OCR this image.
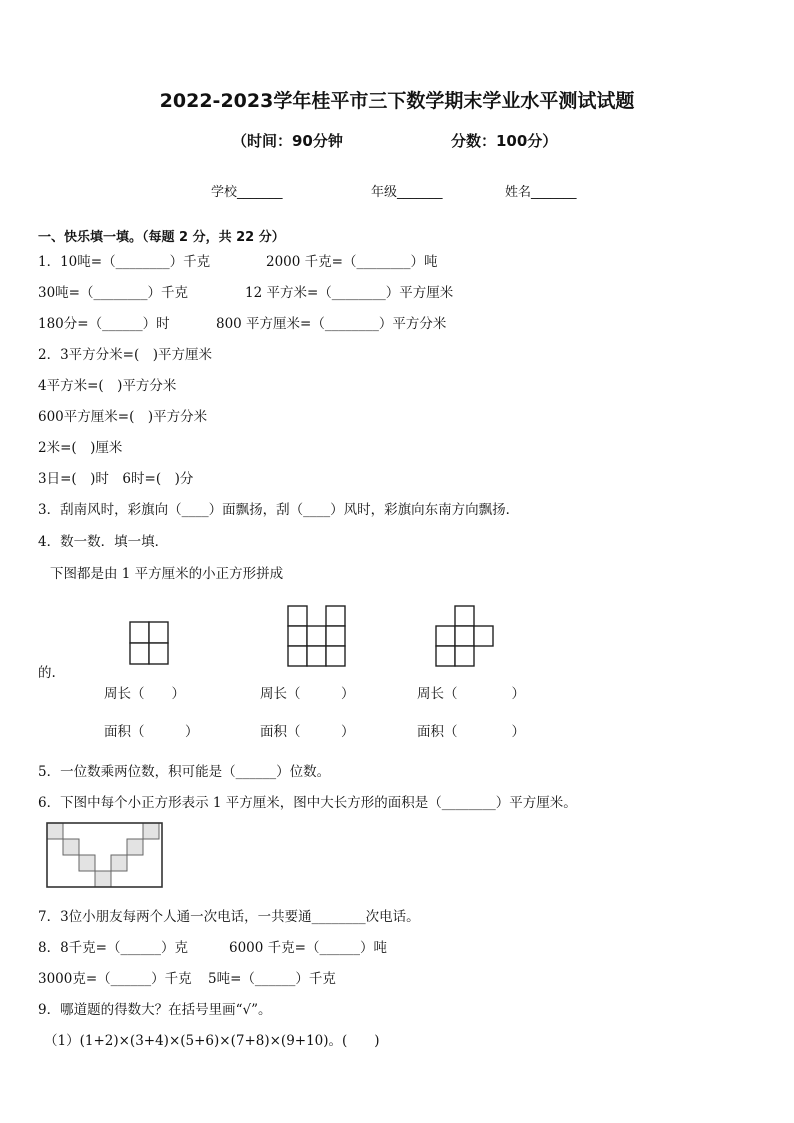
2022-2023学年桂平市三下数学期末学业水平测试试题
（时间：90分钟	分数：100分）
学校_______	年级_______	姓名_______
一、快乐填一填。（每题 2 分，共 22 分）
1．10吨=（________）千克	2000 千克=（________）吨
30吨=（________）千克	12 平方米=（________）平方厘米
180分=（______）时	800 平方厘米=（________）平方分米
2．3平方分米=(　)平方厘米
4平方米=(　)平方分米
600平方厘米=(　)平方分米
2米=(　)厘米
3日=(　)时　6时=(　)分
3．刮南风时，彩旗向（____）面飘扬，刮（____）风时，彩旗向东南方向飘扬．
4．数一数．填一填．
下图都是由 1 平方厘米的小正方形拼成
的.
周长（　　）	周长（　　　）	周长（　　　　）
面积（　　　）	面积（　　　）	面积（　　　　）
5．一位数乘两位数，积可能是（______）位数。
6．下图中每个小正方形表示 1 平方厘米，图中大长方形的面积是（________）平方厘米。
7．3位小朋友每两个人通一次电话，一共要通________次电话。
8．8千克=（______）克	6000 千克=（______）吨
3000克=（______）千克 5吨=（______）千克
9．哪道题的得数大？在括号里画“√”。
（1）(1+2)×(3+4)×(5+6)×(7+8)×(9+10)。(　　)
